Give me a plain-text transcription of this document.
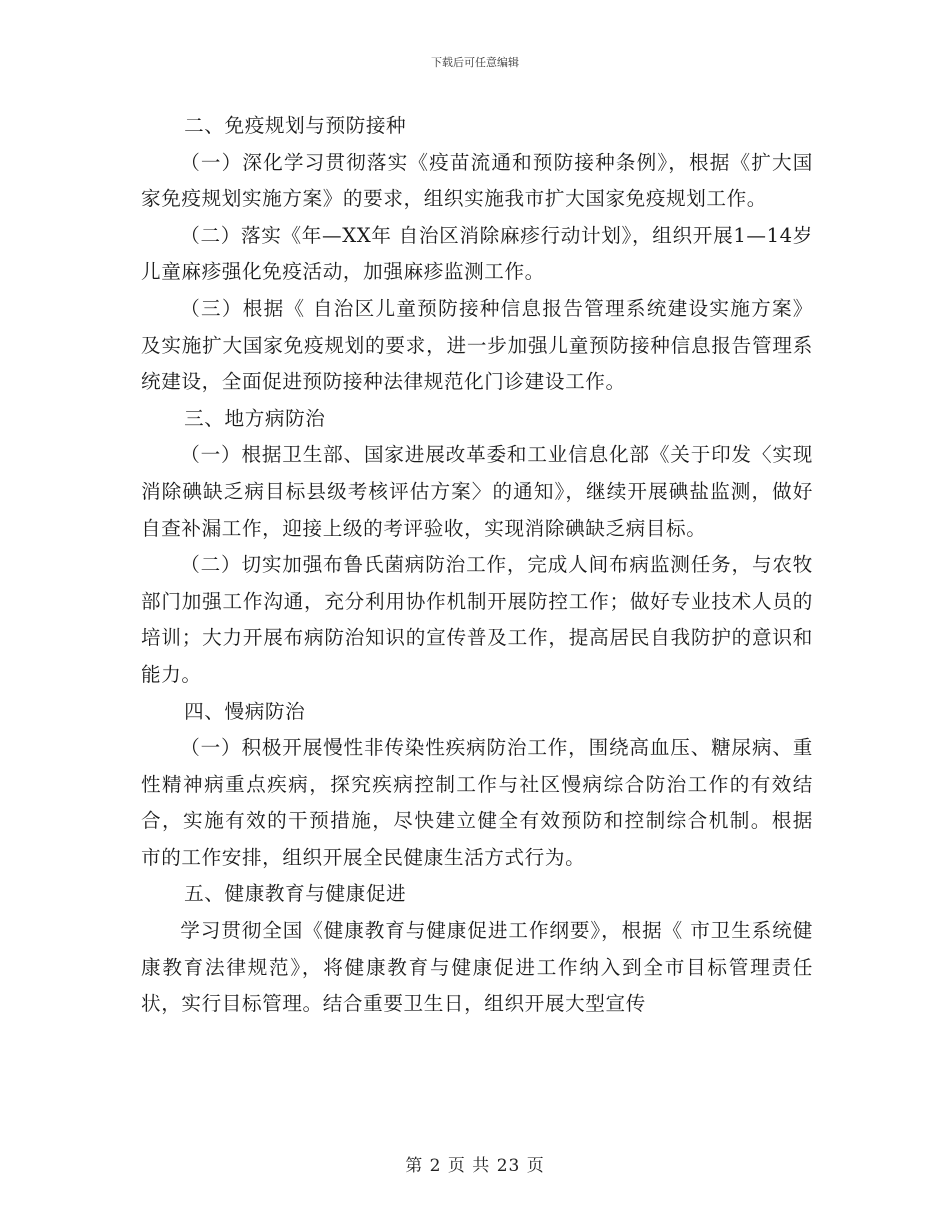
下载后可任意编辑

二、免疫规划与预防接种

（一）深化学习贯彻落实《疫苗流通和预防接种条例》，根据《扩大国家免疫规划实施方案》的要求，组织实施我市扩大国家免疫规划工作。

（二）落实《年—XX年 自治区消除麻疹行动计划》，组织开展1—14岁儿童麻疹强化免疫活动，加强麻疹监测工作。

（三）根据《 自治区儿童预防接种信息报告管理系统建设实施方案》及实施扩大国家免疫规划的要求，进一步加强儿童预防接种信息报告管理系统建设，全面促进预防接种法律规范化门诊建设工作。

三、地方病防治

（一）根据卫生部、国家进展改革委和工业信息化部《关于印发〈实现消除碘缺乏病目标县级考核评估方案〉的通知》，继续开展碘盐监测，做好自查补漏工作，迎接上级的考评验收，实现消除碘缺乏病目标。

（二）切实加强布鲁氏菌病防治工作，完成人间布病监测任务，与农牧部门加强工作沟通，充分利用协作机制开展防控工作；做好专业技术人员的培训；大力开展布病防治知识的宣传普及工作，提高居民自我防护的意识和能力。

四、慢病防治

（一）积极开展慢性非传染性疾病防治工作，围绕高血压、糖尿病、重性精神病重点疾病，探究疾病控制工作与社区慢病综合防治工作的有效结合，实施有效的干预措施，尽快建立健全有效预防和控制综合机制。根据 市的工作安排，组织开展全民健康生活方式行为。

五、健康教育与健康促进

学习贯彻全国《健康教育与健康促进工作纲要》，根据《 市卫生系统健康教育法律规范》，将健康教育与健康促进工作纳入到全市目标管理责任状，实行目标管理。结合重要卫生日，组织开展大型宣传

第 2 页 共 23 页
